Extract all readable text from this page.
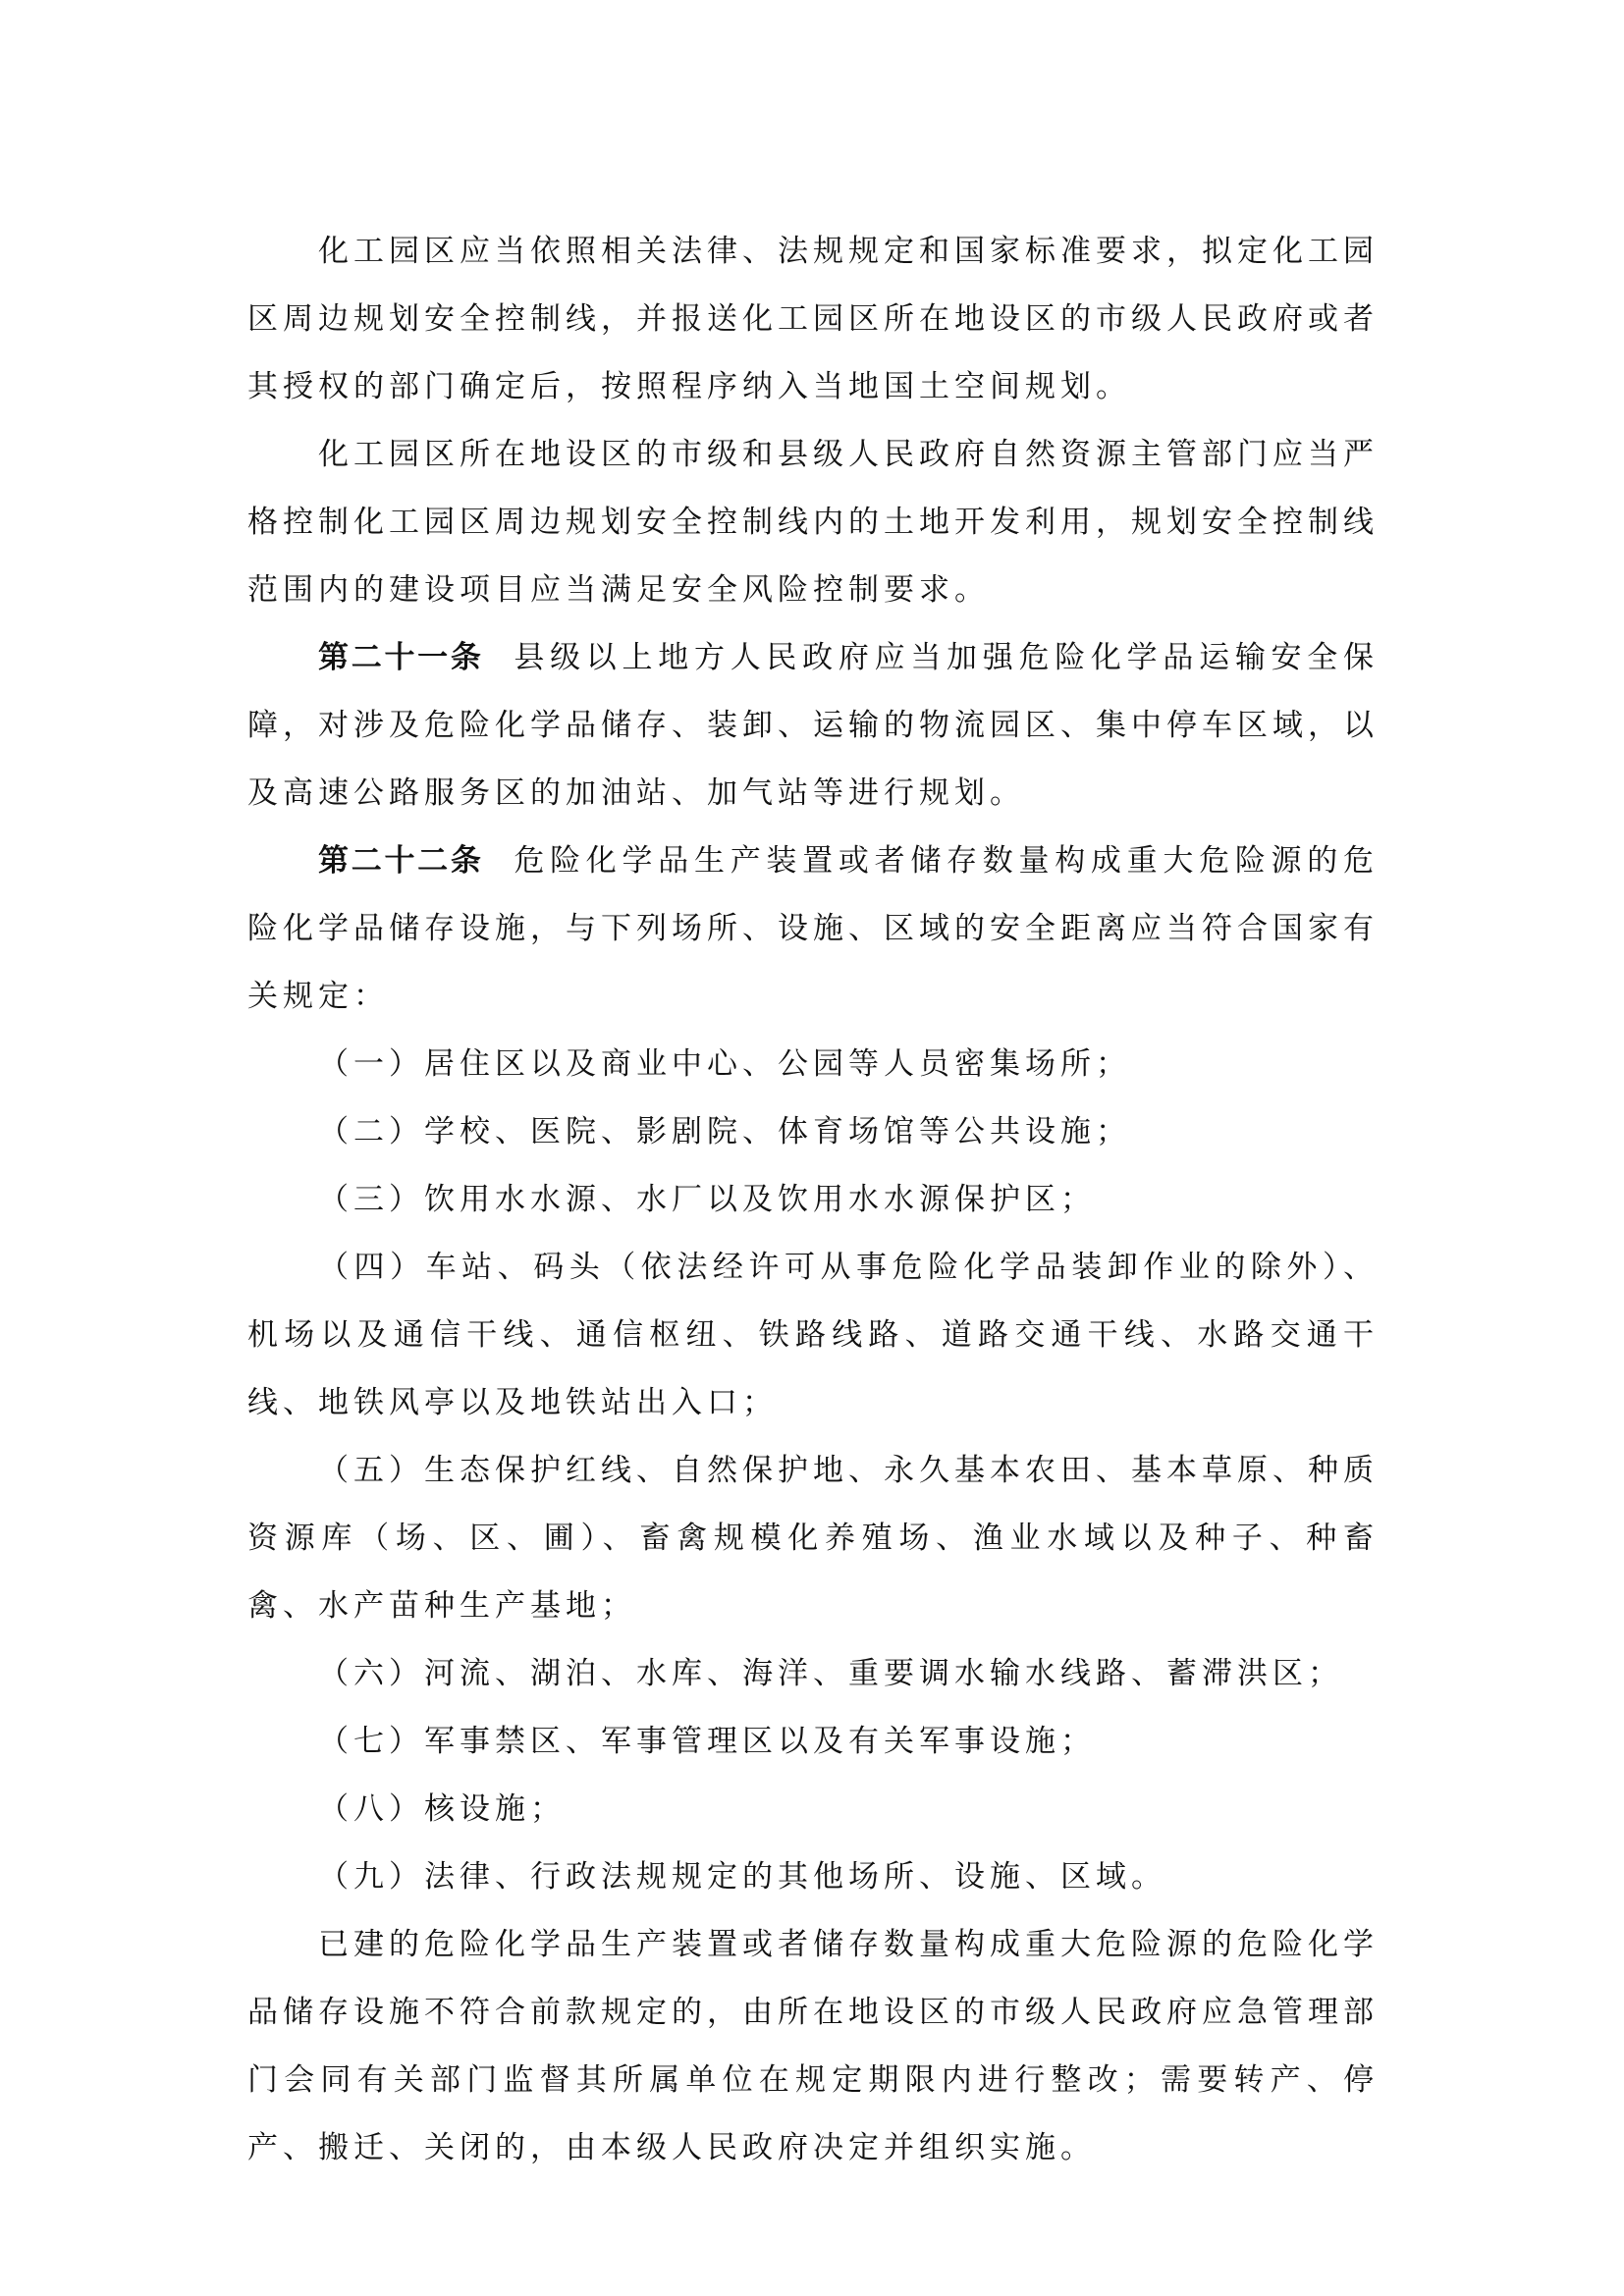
化工园区应当依照相关法律、法规规定和国家标准要求，拟定化工园区周边规划安全控制线，并报送化工园区所在地设区的市级人民政府或者其授权的部门确定后，按照程序纳入当地国土空间规划。

化工园区所在地设区的市级和县级人民政府自然资源主管部门应当严格控制化工园区周边规划安全控制线内的土地开发利用，规划安全控制线范围内的建设项目应当满足安全风险控制要求。

第二十一条 县级以上地方人民政府应当加强危险化学品运输安全保障，对涉及危险化学品储存、装卸、运输的物流园区、集中停车区域，以及高速公路服务区的加油站、加气站等进行规划。

第二十二条 危险化学品生产装置或者储存数量构成重大危险源的危险化学品储存设施，与下列场所、设施、区域的安全距离应当符合国家有关规定：

（一）居住区以及商业中心、公园等人员密集场所；

（二）学校、医院、影剧院、体育场馆等公共设施；

（三）饮用水水源、水厂以及饮用水水源保护区；

（四）车站、码头（依法经许可从事危险化学品装卸作业的除外）、机场以及通信干线、通信枢纽、铁路线路、道路交通干线、水路交通干线、地铁风亭以及地铁站出入口；

（五）生态保护红线、自然保护地、永久基本农田、基本草原、种质资源库（场、区、圃）、畜禽规模化养殖场、渔业水域以及种子、种畜禽、水产苗种生产基地；

（六）河流、湖泊、水库、海洋、重要调水输水线路、蓄滞洪区；

（七）军事禁区、军事管理区以及有关军事设施；

（八）核设施；

（九）法律、行政法规规定的其他场所、设施、区域。

已建的危险化学品生产装置或者储存数量构成重大危险源的危险化学品储存设施不符合前款规定的，由所在地设区的市级人民政府应急管理部门会同有关部门监督其所属单位在规定期限内进行整改；需要转产、停产、搬迁、关闭的，由本级人民政府决定并组织实施。
